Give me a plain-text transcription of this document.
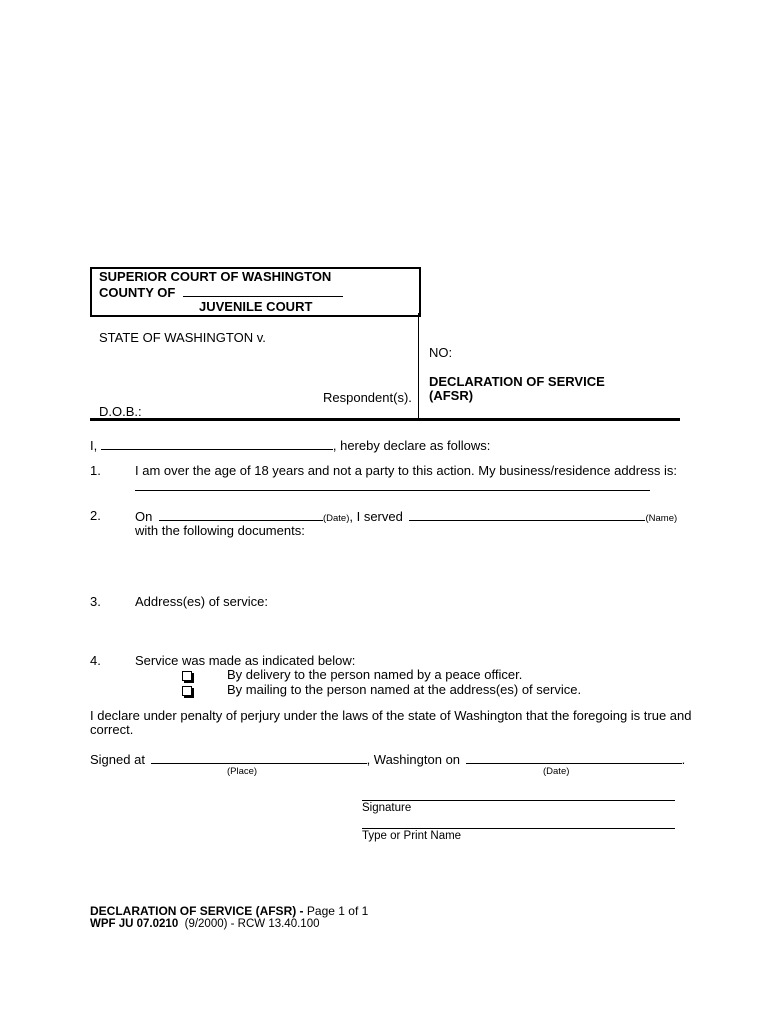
SUPERIOR COURT OF WASHINGTON
COUNTY OF
JUVENILE COURT
STATE OF WASHINGTON v.
Respondent(s).
D.O.B.:
NO:
DECLARATION OF SERVICE
(AFSR)
I,	, hereby declare as follows:
1.	I am over the age of 18 years and not a party to this action. My business/residence address is:
2.	On	(Date), I served	(Name)
with the following documents:
3.	Address(es) of service:
4.	Service was made as indicated below:
By delivery to the person named by a peace officer.
By mailing to the person named at the address(es) of service.
I declare under penalty of perjury under the laws of the state of Washington that the foregoing is true and
correct.
Signed at	, Washington on	.
(Place)	(Date)
Signature
Type or Print Name
DECLARATION OF SERVICE (AFSR) - Page 1 of 1
WPF JU 07.0210  (9/2000) - RCW 13.40.100
